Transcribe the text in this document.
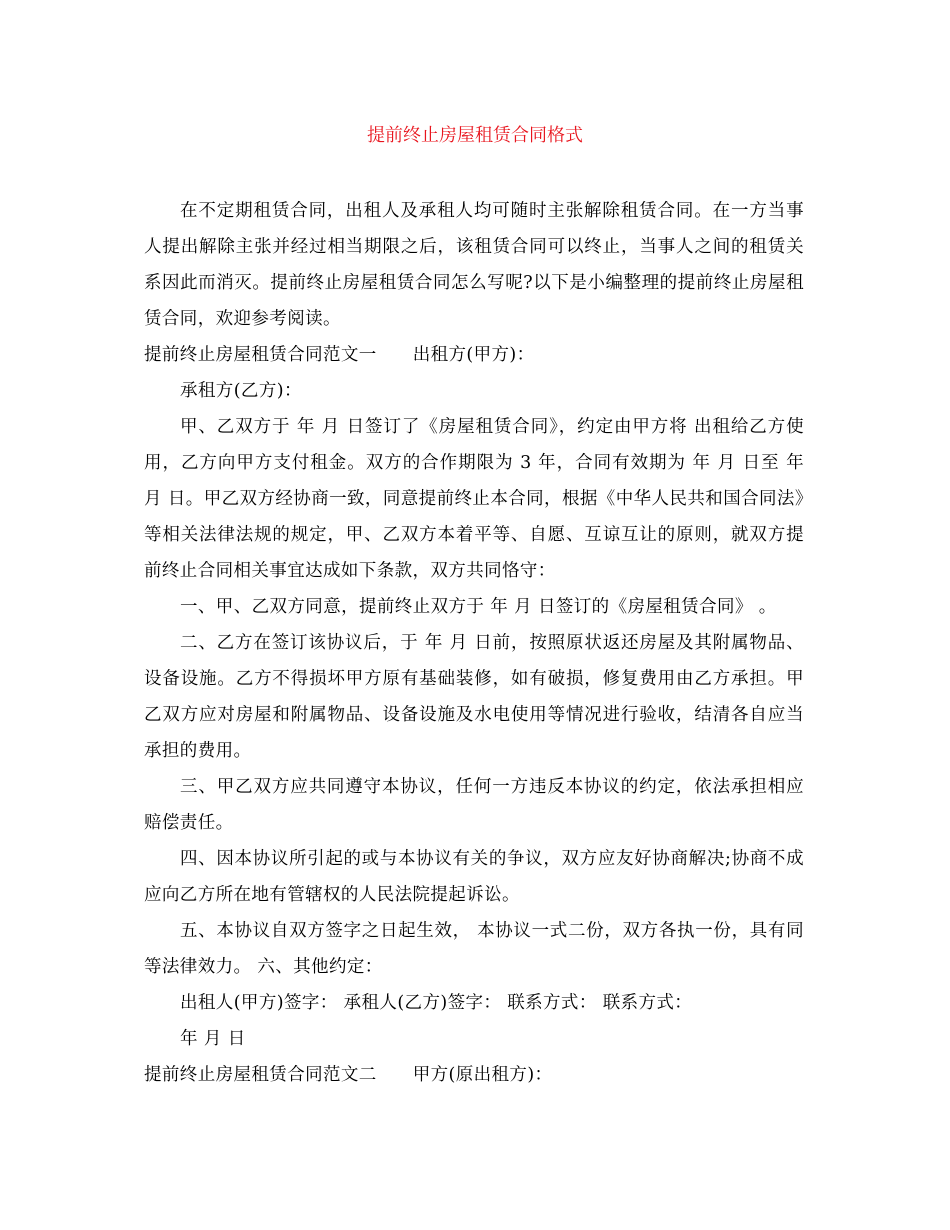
提前终止房屋租赁合同格式

在不定期租赁合同，出租人及承租人均可随时主张解除租赁合同。在一方当事人提出解除主张并经过相当期限之后，该租赁合同可以终止，当事人之间的租赁关系因此而消灭。提前终止房屋租赁合同怎么写呢?以下是小编整理的提前终止房屋租赁合同，欢迎参考阅读。

提前终止房屋租赁合同范文一 出租方(甲方)：

承租方(乙方)：

甲、乙双方于 年 月 日签订了《房屋租赁合同》，约定由甲方将 出租给乙方使用，乙方向甲方支付租金。双方的合作期限为 3 年，合同有效期为 年 月 日至 年 月 日。甲乙双方经协商一致，同意提前终止本合同，根据《中华人民共和国合同法》等相关法律法规的规定，甲、乙双方本着平等、自愿、互谅互让的原则，就双方提前终止合同相关事宜达成如下条款，双方共同恪守：

一、甲、乙双方同意，提前终止双方于 年 月 日签订的《房屋租赁合同》 。

二、乙方在签订该协议后，于 年 月 日前，按照原状返还房屋及其附属物品、设备设施。乙方不得损坏甲方原有基础装修，如有破损，修复费用由乙方承担。甲乙双方应对房屋和附属物品、设备设施及水电使用等情况进行验收，结清各自应当承担的费用。

三、甲乙双方应共同遵守本协议，任何一方违反本协议的约定，依法承担相应赔偿责任。

四、因本协议所引起的或与本协议有关的争议，双方应友好协商解决;协商不成应向乙方所在地有管辖权的人民法院提起诉讼。

五、本协议自双方签字之日起生效， 本协议一式二份，双方各执一份，具有同等法律效力。 六、其他约定：

出租人(甲方)签字： 承租人(乙方)签字： 联系方式： 联系方式：

年 月 日

提前终止房屋租赁合同范文二 甲方(原出租方)：
